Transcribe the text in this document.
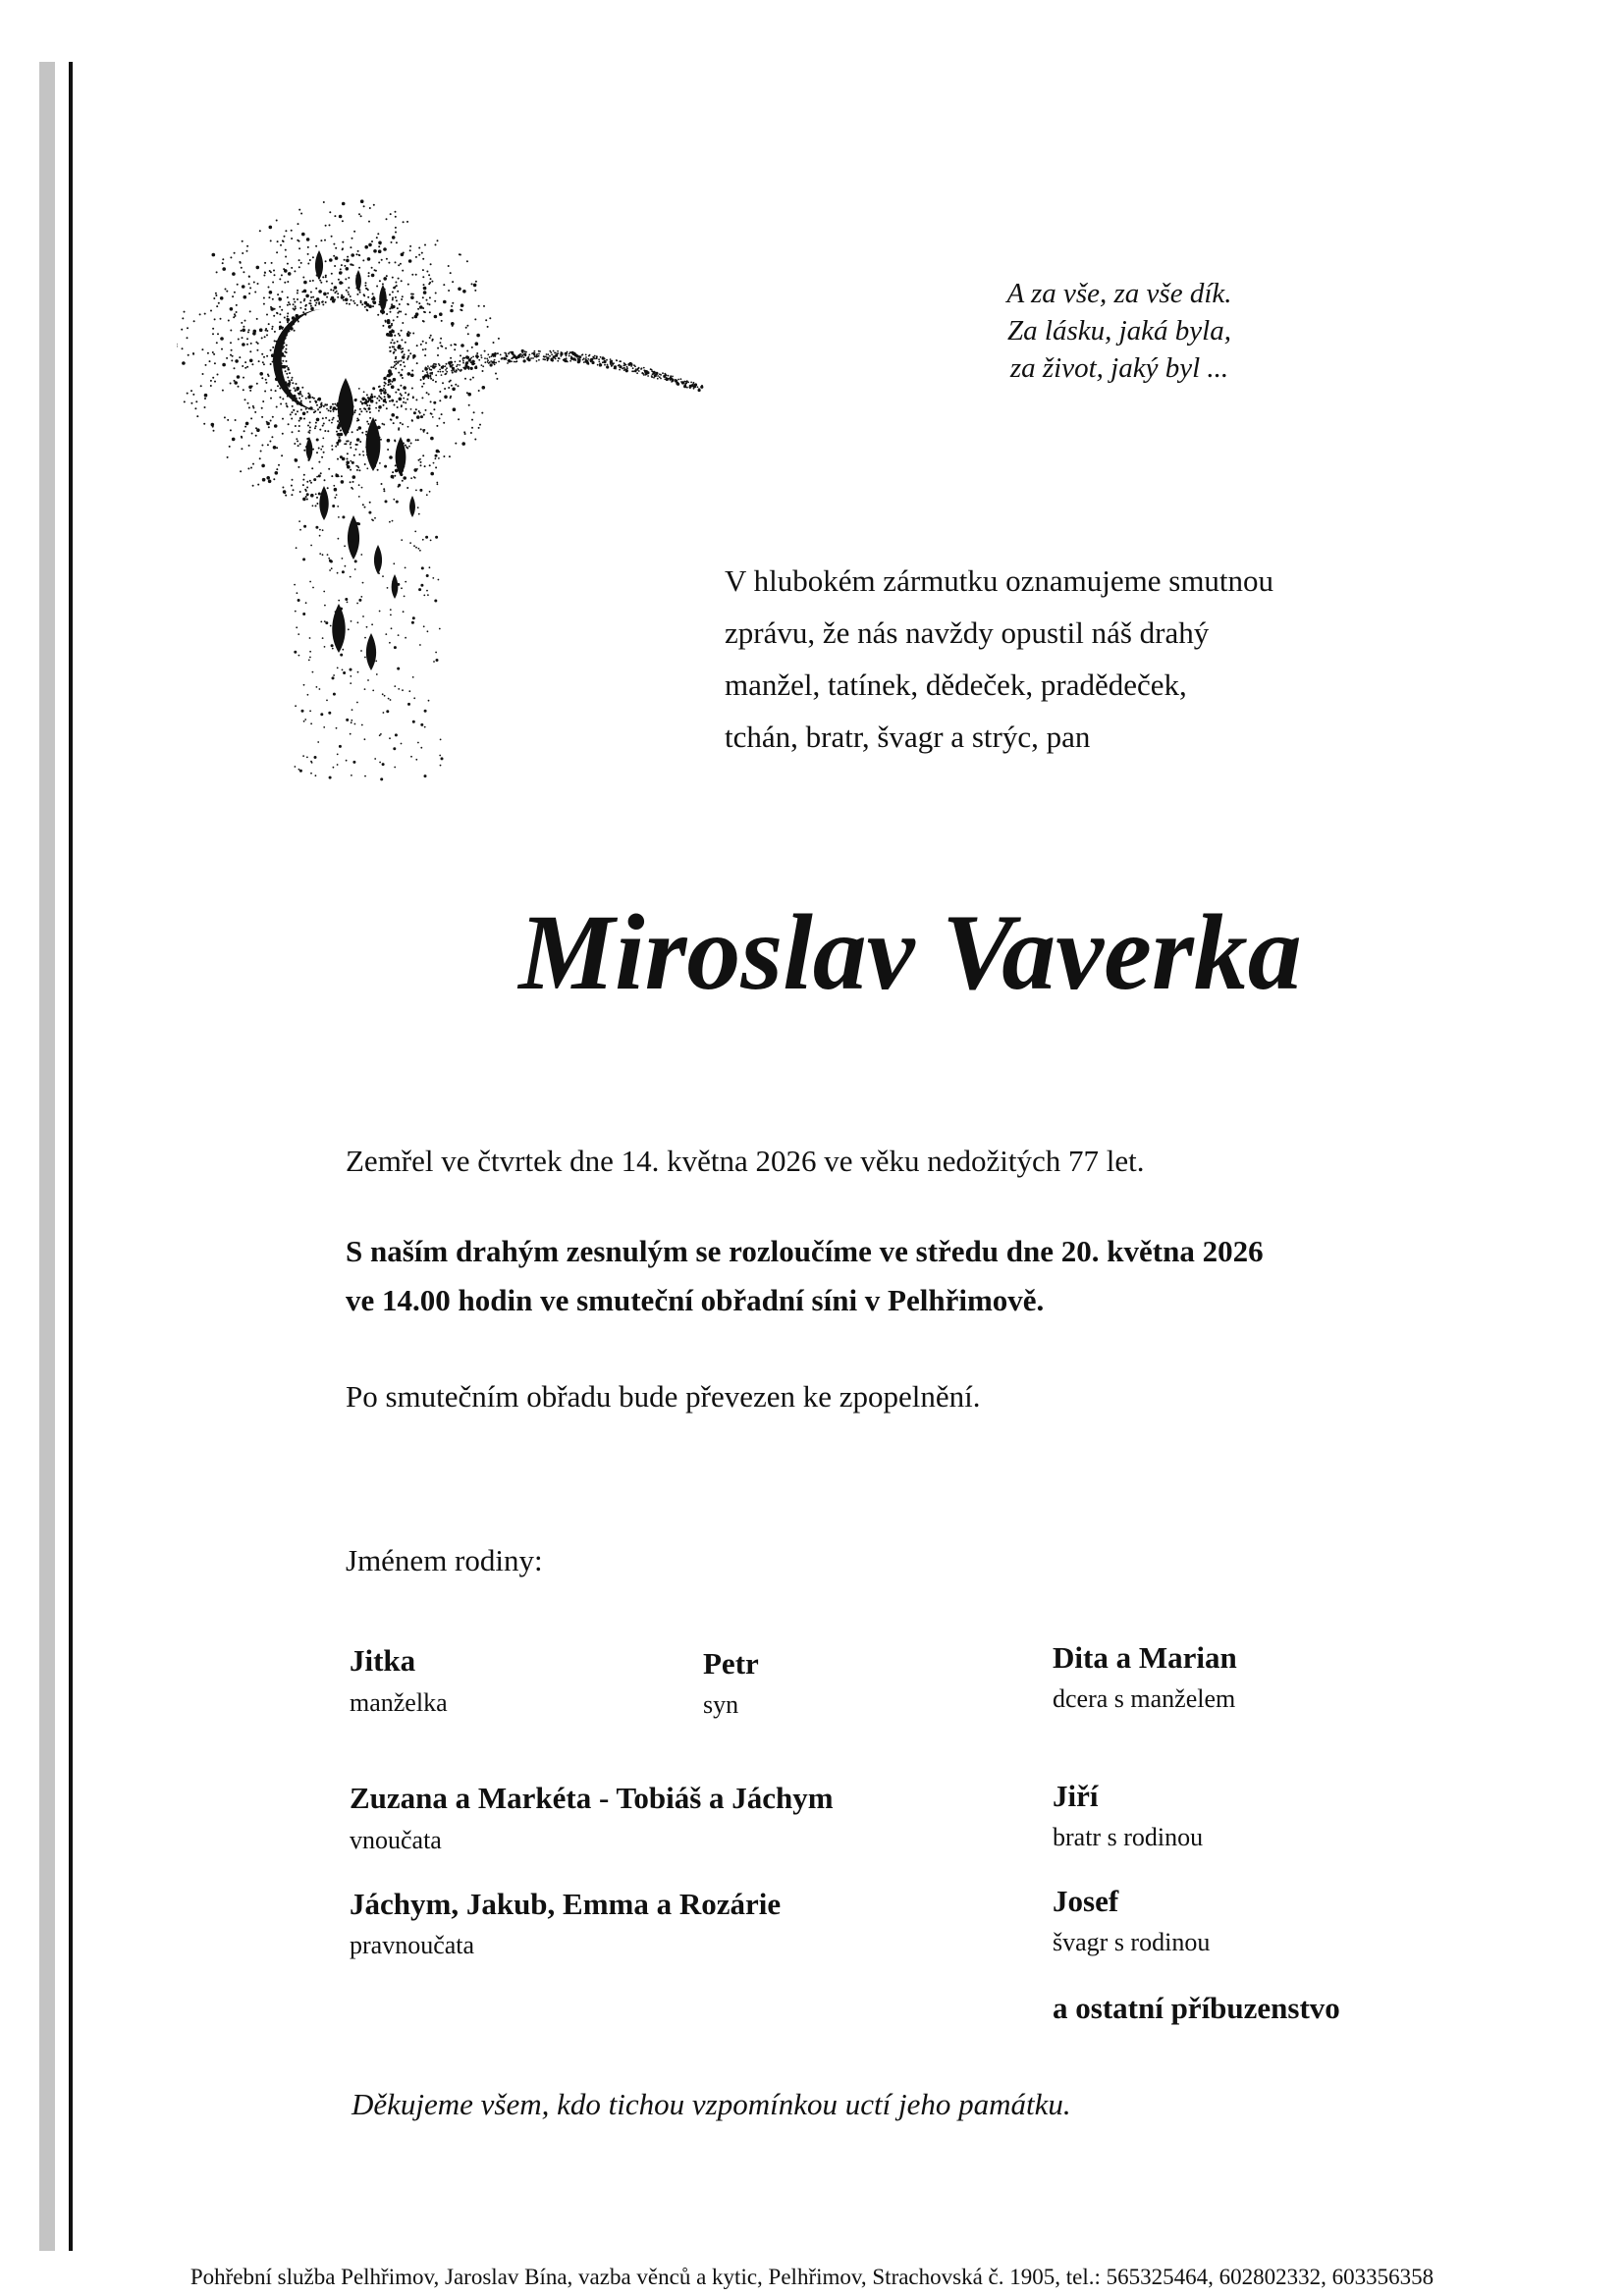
A za vše, za vše dík.
Za lásku, jaká byla,
za život, jaký byl ...
V hlubokém zármutku oznamujeme smutnou
zprávu, že nás navždy opustil náš drahý
manžel, tatínek, dědeček, pradědeček,
tchán, bratr, švagr a strýc, pan
Miroslav Vaverka
Zemřel ve čtvrtek dne 14. května 2026 ve věku nedožitých 77 let.
S naším drahým zesnulým se rozloučíme ve středu dne 20. května 2026
ve 14.00 hodin ve smuteční obřadní síni v Pelhřimově.
Po smutečním obřadu bude převezen ke zpopelnění.
Jménem rodiny:
Jitka
manželka
Petr
syn
Dita a Marian
dcera s manželem
Zuzana a Markéta - Tobiáš a Jáchym
vnoučata
Jiří
bratr s rodinou
Jáchym, Jakub, Emma a Rozárie
pravnoučata
Josef
švagr s rodinou
a ostatní příbuzenstvo
Děkujeme všem, kdo tichou vzpomínkou uctí jeho památku.
Pohřební služba Pelhřimov, Jaroslav Bína, vazba věnců a kytic, Pelhřimov, Strachovská č. 1905, tel.: 565325464, 602802332, 603356358
